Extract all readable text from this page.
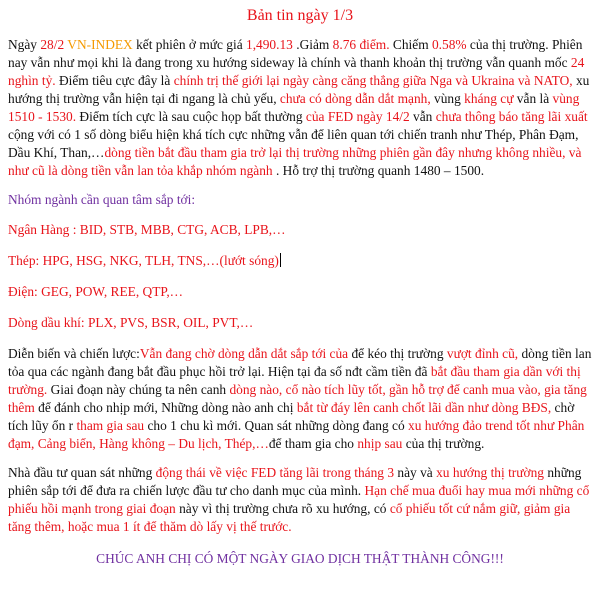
Bản tin ngày 1/3

Ngày 28/2 VN-INDEX kết phiên ở mức giá 1,490.13 .Giảm 8.76 điểm. Chiếm 0.58% của thị trường. Phiên nay vẫn như mọi khi là đang trong xu hướng sideway là chính và thanh khoản thị trường vẫn quanh mốc 24 nghìn tỷ. Điểm tiêu cực đây là chính trị thế giới lại ngày càng căng thẳng giữa Nga và Ukraina và NATO, xu hướng thị trường vẫn hiện tại đi ngang là chủ yếu, chưa có dòng dẫn dắt mạnh, vùng kháng cự vẫn là vùng 1510 - 1530. Điểm tích cực là sau cuộc họp bất thường của FED ngày 14/2 vẫn chưa thông báo tăng lãi xuất cộng với có 1 số dòng biểu hiện khá tích cực những vẫn để liên quan tới chiến tranh như Thép, Phân Đạm, Dầu Khí, Than,…dòng tiền bắt đầu tham gia trở lại thị trường những phiên gần đây nhưng không nhiều, và như cũ là dòng tiền vẫn lan tỏa khắp nhóm ngành . Hỗ trợ thị trường quanh 1480 – 1500.

Nhóm ngành cần quan tâm sắp tới:

Ngân Hàng : BID, STB, MBB, CTG, ACB, LPB,…

Thép: HPG, HSG, NKG, TLH, TNS,…(lướt sóng)

Điện: GEG, POW, REE, QTP,…

Dòng dầu khí: PLX, PVS, BSR, OIL, PVT,…

Diễn biến và chiến lược:Vẫn đang chờ dòng dẫn dắt sắp tới của để kéo thị trường vượt đỉnh cũ, dòng tiền lan tỏa qua các ngành đang bắt đầu phục hồi trở lại. Hiện tại đa số nđt cầm tiền đã bắt đầu tham gia dần với thị trường. Giai đoạn này chúng ta nên canh dòng nào, cổ nào tích lũy tốt, gần hỗ trợ để canh mua vào, gia tăng thêm để đánh cho nhịp mới, Những dòng nào anh chị bắt từ đáy lên canh chốt lãi dần như dòng BĐS, chờ tích lũy ổn r tham gia sau cho 1 chu kì mới. Quan sát những dòng đang có xu hướng đảo trend tốt như Phân đạm, Cảng biển, Hàng không – Du lịch, Thép,…để tham gia cho nhịp sau của thị trường.

Nhà đầu tư quan sát những động thái về việc FED tăng lãi trong tháng 3 này và xu hướng thị trường những phiên sắp tới để đưa ra chiến lược đầu tư cho danh mục của mình. Hạn chế mua đuổi hay mua mới những cổ phiếu hồi mạnh trong giai đoạn này vì thị trường chưa rõ xu hướng, có cổ phiếu tốt cứ nắm giữ, giảm gia tăng thêm, hoặc mua 1 ít để thăm dò lấy vị thế trước.

CHÚC ANH CHỊ CÓ MỘT NGÀY GIAO DỊCH THẬT THÀNH CÔNG!!!
